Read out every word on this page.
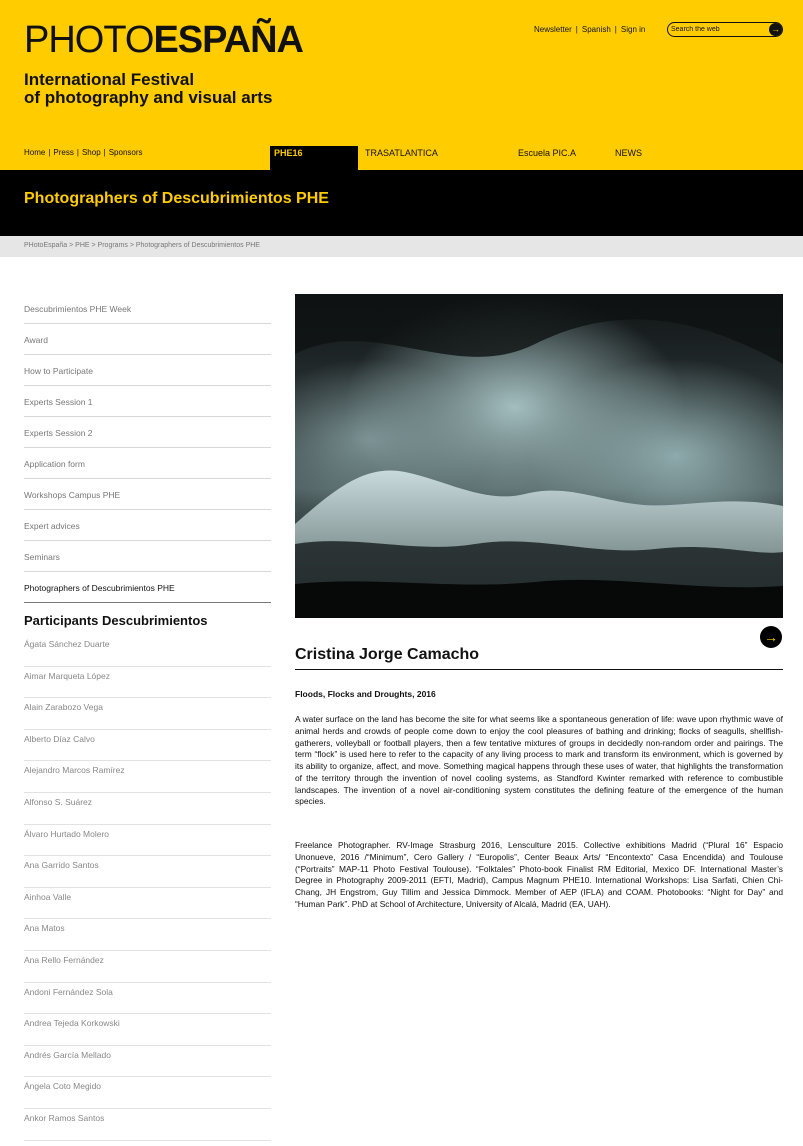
PHOTOESPAÑA
International Festival
of photography and visual arts
Newsletter | Spanish | Sign in
Search the web	→
Home | Press | Shop | Sponsors	PHE16	TRASATLANTICA	Escuela PIC.A	NEWS
Photographers of Descubrimientos PHE
PHotoEspaña > PHE > Programs > Photographers of Descubrimientos PHE
Descubrimientos PHE Week
Award
How to Participate
Experts Session 1
Experts Session 2
Application form
Workshops Campus PHE
Expert advices
Seminars
Photographers of Descubrimientos PHE
Participants Descubrimientos
Ágata Sánchez Duarte
Aimar Marqueta López
Alain Zarabozo Vega
Alberto Díaz Calvo
Alejandro Marcos Ramírez
Alfonso S. Suárez
Álvaro Hurtado Molero
Ana Garrido Santos
Ainhoa Valle
Ana Matos
Ana Rello Fernández
Andoni Fernández Sola
Andrea Tejeda Korkowski
Andrés García Mellado
Ángela Coto Megido
Ankor Ramos Santos
→
Cristina Jorge Camacho
Floods, Flocks and Droughts, 2016

A water surface on the land has become the site for what seems like a spontaneous generation of life: wave upon rhythmic wave of animal herds and crowds of people come down to enjoy the cool pleasures of bathing and drinking; flocks of seagulls, shellfish-gatherers, volleyball or football players, then a few tentative mixtures of groups in decidedly non-random order and pairings. The term “flock” is used here to refer to the capacity of any living process to mark and transform its environment, which is governed by its ability to organize, affect, and move. Something magical happens through these uses of water, that highlights the transformation of the territory through the invention of novel cooling systems, as Standford Kwinter remarked with reference to combustible landscapes. The invention of a novel air-conditioning system constitutes the defining feature of the emergence of the human species.

Freelance Photographer. RV-Image Strasburg 2016, Lensculture 2015. Collective exhibitions Madrid (“Plural 16” Espacio Unonueve, 2016 /“Minimum”, Cero Gallery / “Europolis”, Center Beaux Arts/ “Encontexto” Casa Encendida) and Toulouse (“Portraits” MAP-11 Photo Festival Toulouse). “Folktales” Photo-book Finalist RM Editorial, Mexico DF. International Master’s Degree in Photography 2009-2011 (EFTI, Madrid), Campus Magnum PHE10. International Workshops: Lisa Sarfati, Chien Chi-Chang, JH Engstrom, Guy Tillim and Jessica Dimmock. Member of AEP (IFLA) and COAM. Photobooks: “Night for Day” and “Human Park”. PhD at School of Architecture, University of Alcalá, Madrid (EA, UAH).
